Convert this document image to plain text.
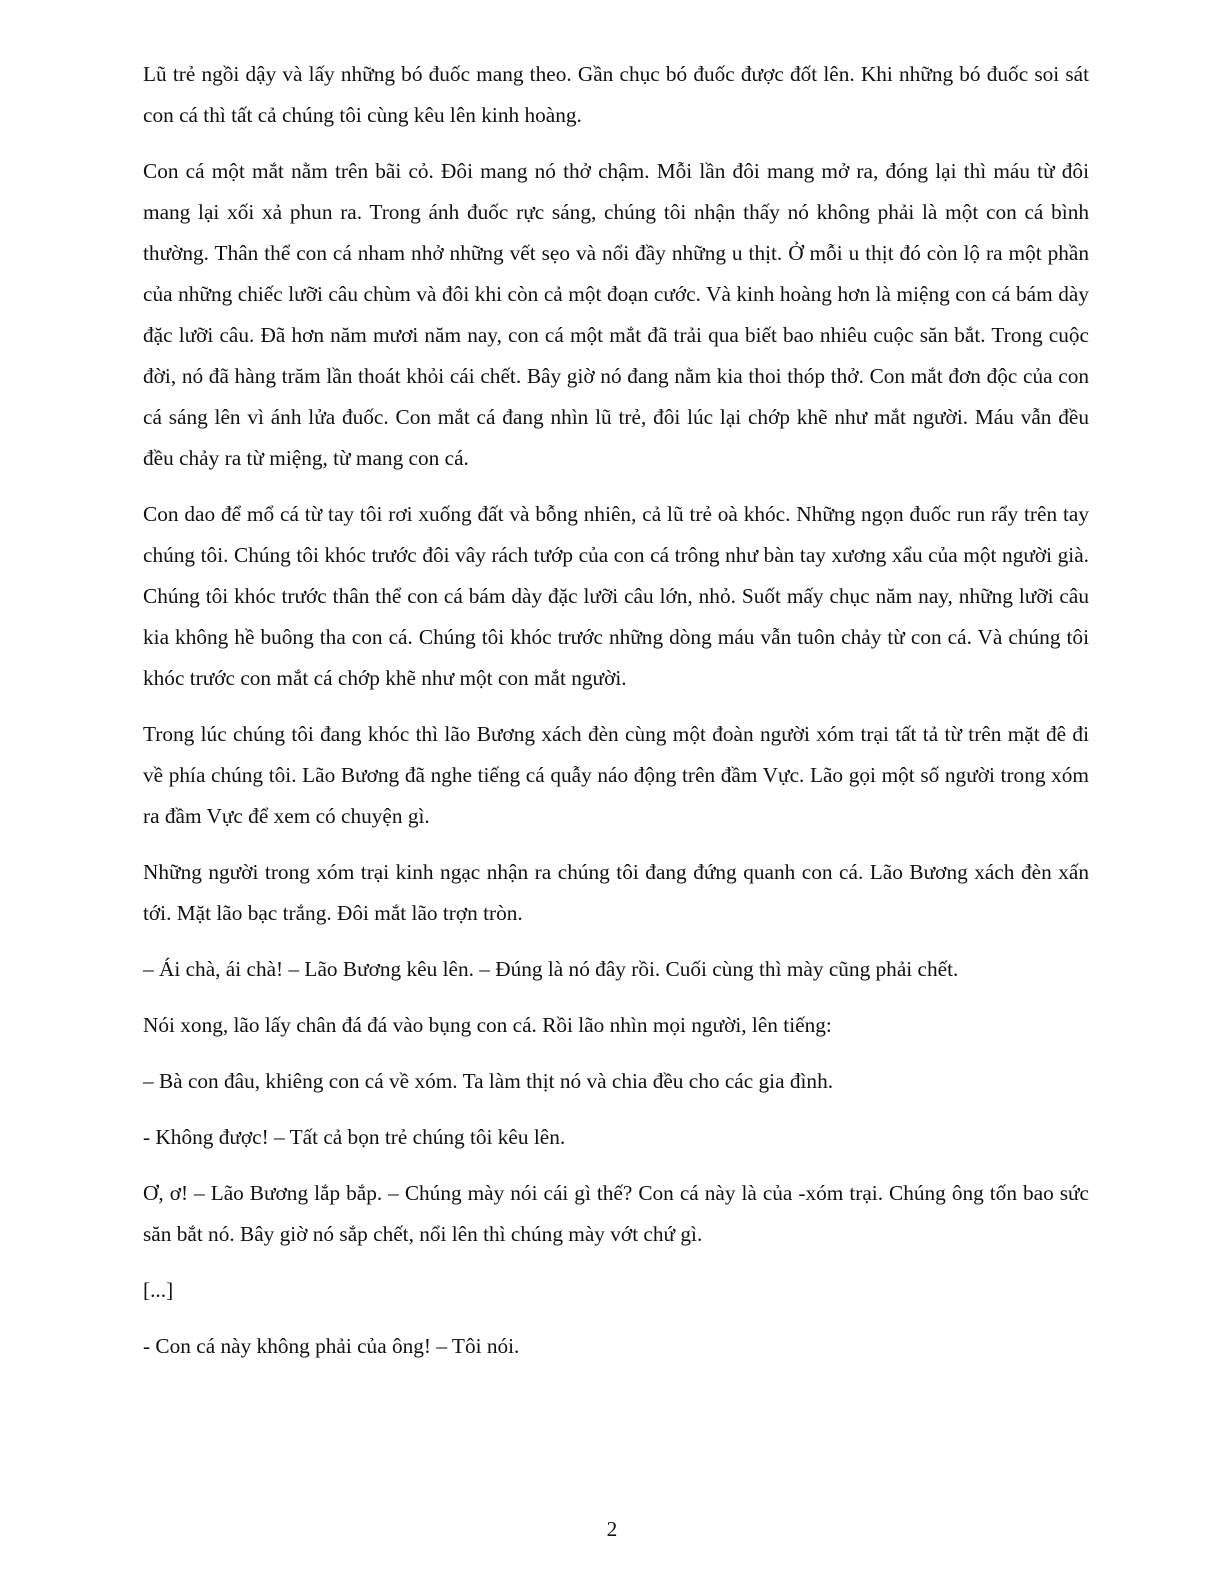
Lũ trẻ ngồi dậy và lấy những bó đuốc mang theo. Gần chục bó đuốc được đốt lên. Khi những bó đuốc soi sát con cá thì tất cả chúng tôi cùng kêu lên kinh hoàng.

Con cá một mắt nằm trên bãi cỏ. Đôi mang nó thở chậm. Mỗi lần đôi mang mở ra, đóng lại thì máu từ đôi mang lại xối xả phun ra. Trong ánh đuốc rực sáng, chúng tôi nhận thấy nó không phải là một con cá bình thường. Thân thể con cá nham nhở những vết sẹo và nổi đầy những u thịt. Ở mỗi u thịt đó còn lộ ra một phần của những chiếc lưỡi câu chùm và đôi khi còn cả một đoạn cước. Và kinh hoàng hơn là miệng con cá bám dày đặc lưỡi câu. Đã hơn năm mươi năm nay, con cá một mắt đã trải qua biết bao nhiêu cuộc săn bắt. Trong cuộc đời, nó đã hàng trăm lần thoát khỏi cái chết. Bây giờ nó đang nằm kia thoi thóp thở. Con mắt đơn độc của con cá sáng lên vì ánh lửa đuốc. Con mắt cá đang nhìn lũ trẻ, đôi lúc lại chớp khẽ như mắt người. Máu vẫn đều đều chảy ra từ miệng, từ mang con cá.

Con dao để mổ cá từ tay tôi rơi xuống đất và bỗng nhiên, cả lũ trẻ oà khóc. Những ngọn đuốc run rẩy trên tay chúng tôi. Chúng tôi khóc trước đôi vây rách tướp của con cá trông như bàn tay xương xẩu của một người già. Chúng tôi khóc trước thân thể con cá bám dày đặc lưỡi câu lớn, nhỏ. Suốt mấy chục năm nay, những lưỡi câu kia không hề buông tha con cá. Chúng tôi khóc trước những dòng máu vẫn tuôn chảy từ con cá. Và chúng tôi khóc trước con mắt cá chớp khẽ như một con mắt người.

Trong lúc chúng tôi đang khóc thì lão Bương xách đèn cùng một đoàn người xóm trại tất tả từ trên mặt đê đi về phía chúng tôi. Lão Bương đã nghe tiếng cá quẫy náo động trên đầm Vực. Lão gọi một số người trong xóm ra đầm Vực để xem có chuyện gì.

Những người trong xóm trại kinh ngạc nhận ra chúng tôi đang đứng quanh con cá. Lão Bương xách đèn xấn tới. Mặt lão bạc trắng. Đôi mắt lão trợn tròn.

– Ái chà, ái chà! – Lão Bương kêu lên. – Đúng là nó đây rồi. Cuối cùng thì mày cũng phải chết.

Nói xong, lão lấy chân đá đá vào bụng con cá. Rồi lão nhìn mọi người, lên tiếng:

– Bà con đâu, khiêng con cá về xóm. Ta làm thịt nó và chia đều cho các gia đình.

- Không được! – Tất cả bọn trẻ chúng tôi kêu lên.

Ơ, ơ! – Lão Bương lắp bắp. – Chúng mày nói cái gì thế? Con cá này là của -xóm trại. Chúng ông tốn bao sức săn bắt nó. Bây giờ nó sắp chết, nổi lên thì chúng mày vớt chứ gì.

[...]

- Con cá này không phải của ông! – Tôi nói.

2
